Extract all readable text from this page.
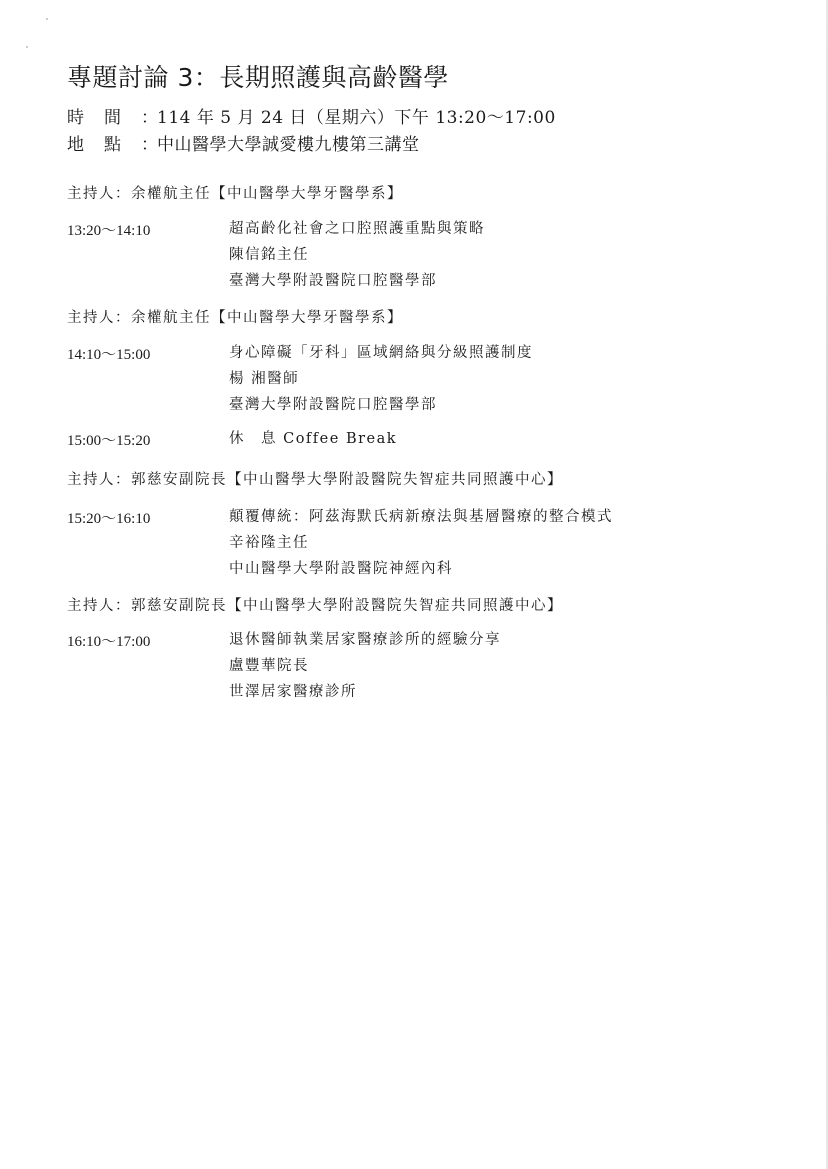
專題討論 3：長期照護與高齡醫學
時間：114 年 5 月 24 日（星期六）下午 13:20～17:00
地點：中山醫學大學誠愛樓九樓第三講堂
主持人：余權航主任【中山醫學大學牙醫學系】
13:20～14:10	超高齡化社會之口腔照護重點與策略
陳信銘主任
臺灣大學附設醫院口腔醫學部
主持人：余權航主任【中山醫學大學牙醫學系】
14:10～15:00	身心障礙「牙科」區域網絡與分級照護制度
楊 湘醫師
臺灣大學附設醫院口腔醫學部
15:00～15:20	休　息 Coffee Break
主持人：郭慈安副院長【中山醫學大學附設醫院失智症共同照護中心】
15:20～16:10	顛覆傳統：阿茲海默氏病新療法與基層醫療的整合模式
辛裕隆主任
中山醫學大學附設醫院神經內科
主持人：郭慈安副院長【中山醫學大學附設醫院失智症共同照護中心】
16:10～17:00	退休醫師執業居家醫療診所的經驗分享
盧豐華院長
世澤居家醫療診所
